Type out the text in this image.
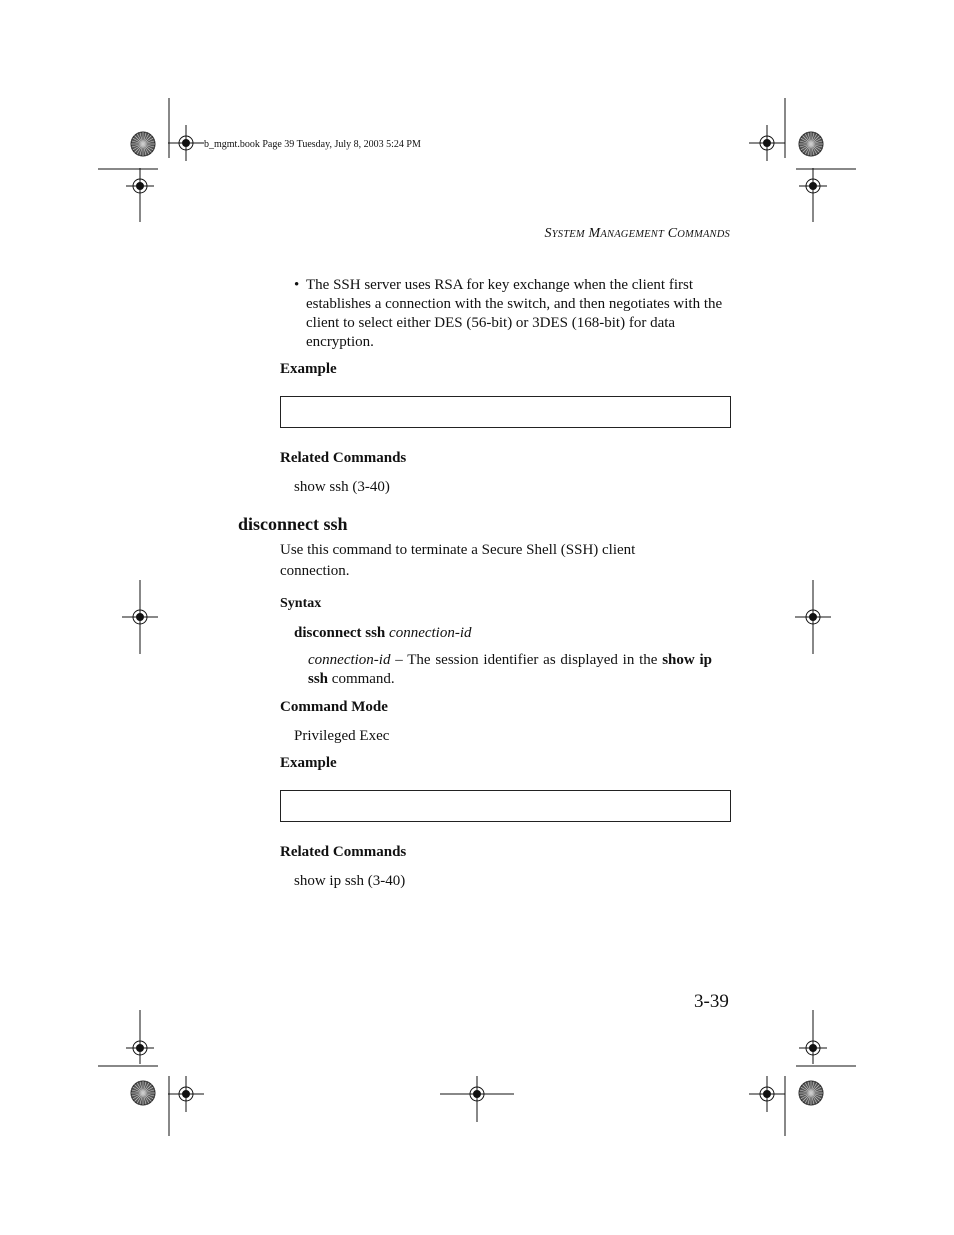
b_mgmt.book Page 39 Tuesday, July 8, 2003 5:24 PM
SYSTEM MANAGEMENT COMMANDS
• The SSH server uses RSA for key exchange when the client first establishes a connection with the switch, and then negotiates with the client to select either DES (56-bit) or 3DES (168-bit) for data encryption.
Example
Related Commands
show ssh (3-40)
disconnect ssh
Use this command to terminate a Secure Shell (SSH) client connection.
Syntax
disconnect ssh connection-id
connection-id – The session identifier as displayed in the show ip ssh command.
Command Mode
Privileged Exec
Example
Related Commands
show ip ssh (3-40)
3-39
